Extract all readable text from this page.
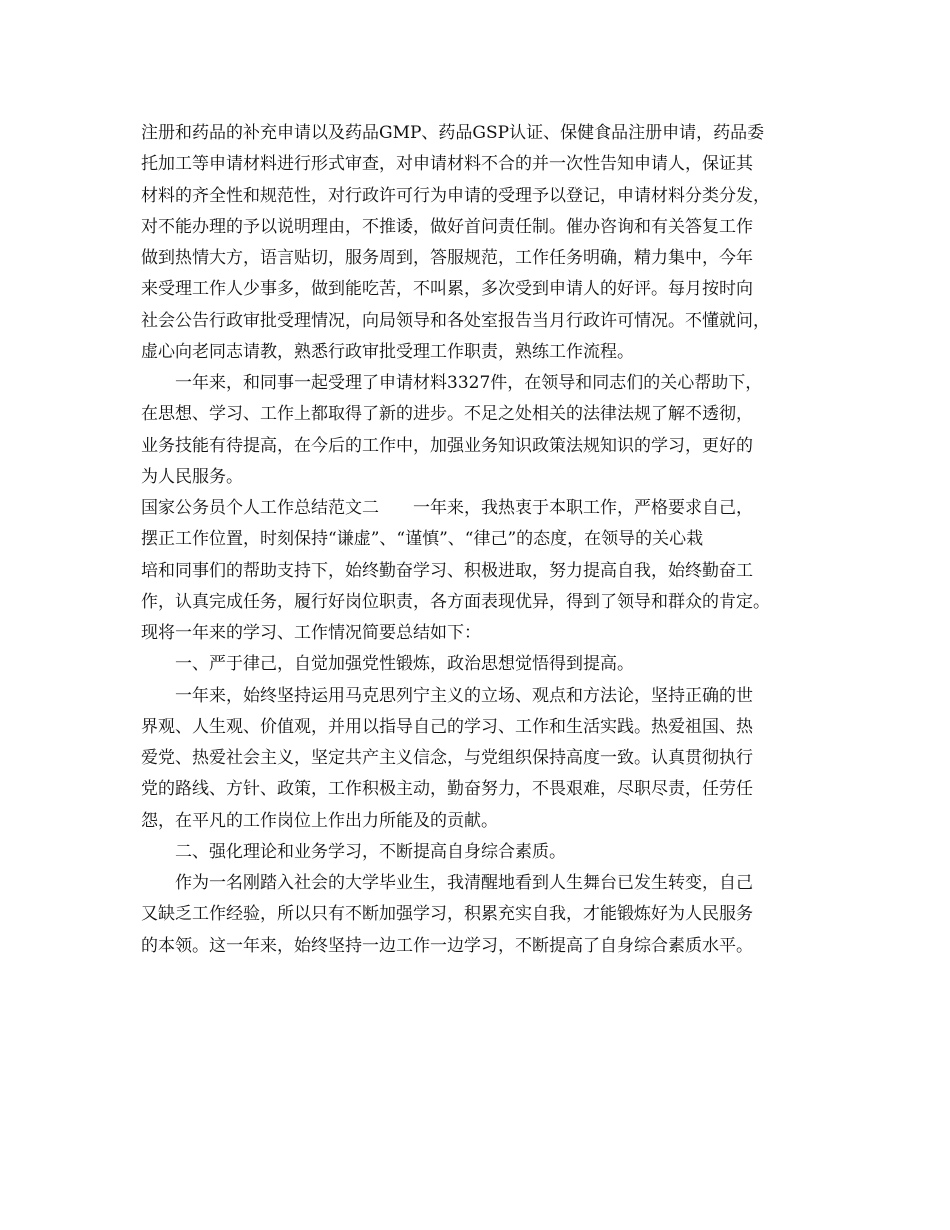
注册和药品的补充申请以及药品GMP、药品GSP认证、保健食品注册申请，药品委
托加工等申请材料进行形式审查，对申请材料不合的并一次性告知申请人，保证其
材料的齐全性和规范性，对行政许可行为申请的受理予以登记，申请材料分类分发，
对不能办理的予以说明理由，不推诿，做好首问责任制。催办咨询和有关答复工作
做到热情大方，语言贴切，服务周到，答服规范，工作任务明确，精力集中，今年
来受理工作人少事多，做到能吃苦，不叫累，多次受到申请人的好评。每月按时向
社会公告行政审批受理情况，向局领导和各处室报告当月行政许可情况。不懂就问，
虚心向老同志请教，熟悉行政审批受理工作职责，熟练工作流程。
　　一年来，和同事一起受理了申请材料3327件，在领导和同志们的关心帮助下，
在思想、学习、工作上都取得了新的进步。不足之处相关的法律法规了解不透彻，
业务技能有待提高，在今后的工作中，加强业务知识政策法规知识的学习，更好的
为人民服务。
国家公务员个人工作总结范文二　　一年来，我热衷于本职工作，严格要求自己，
摆正工作位置，时刻保持“谦虚”、“谨慎”、“律己”的态度，在领导的关心栽
培和同事们的帮助支持下，始终勤奋学习、积极进取，努力提高自我，始终勤奋工
作，认真完成任务，履行好岗位职责，各方面表现优异，得到了领导和群众的肯定。
现将一年来的学习、工作情况简要总结如下：
　　一、严于律己，自觉加强党性锻炼，政治思想觉悟得到提高。
　　一年来，始终坚持运用马克思列宁主义的立场、观点和方法论，坚持正确的世
界观、人生观、价值观，并用以指导自己的学习、工作和生活实践。热爱祖国、热
爱党、热爱社会主义，坚定共产主义信念，与党组织保持高度一致。认真贯彻执行
党的路线、方针、政策，工作积极主动，勤奋努力，不畏艰难，尽职尽责，任劳任
怨，在平凡的工作岗位上作出力所能及的贡献。
　　二、强化理论和业务学习，不断提高自身综合素质。
　　作为一名刚踏入社会的大学毕业生，我清醒地看到人生舞台已发生转变，自己
又缺乏工作经验，所以只有不断加强学习，积累充实自我，才能锻炼好为人民服务
的本领。这一年来，始终坚持一边工作一边学习，不断提高了自身综合素质水平。
